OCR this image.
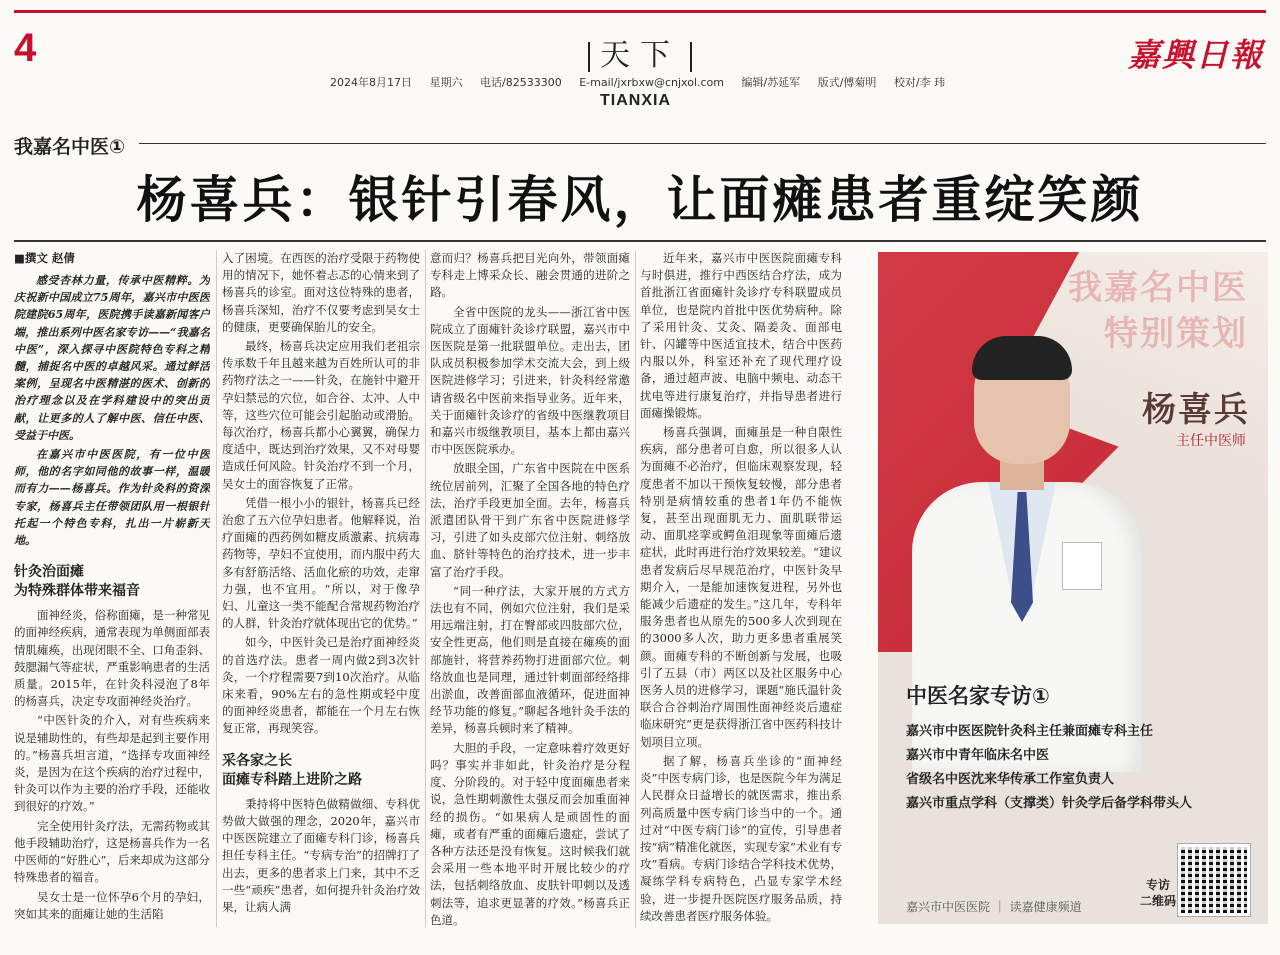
4	天下	嘉興日報
2024年8月17日 星期六 电话/82533300 E-mail/jxrbxw@cnjxol.com 编辑/苏延军 版式/傅菊明 校对/李 玮
TIANXIA
我嘉名中医①
杨喜兵：银针引春风，让面瘫患者重绽笑颜
■撰文 赵倩

感受杏林力量，传承中医精粹。为庆祝新中国成立75周年，嘉兴市中医医院建院65周年，医院携手读嘉新闻客户端，推出系列中医名家专访——“我嘉名中医”，深入探寻中医院特色专科之精髓，捕捉名中医的卓越风采。通过鲜活案例，呈现名中医精湛的医术、创新的治疗理念以及在学科建设中的突出贡献，让更多的人了解中医、信任中医、受益于中医。

在嘉兴市中医医院，有一位中医师，他的名字如同他的故事一样，温暖而有力——杨喜兵。作为针灸科的资深专家，杨喜兵主任带领团队用一根银针托起一个特色专科，扎出一片崭新天地。

针灸治面瘫
为特殊群体带来福音

面神经炎，俗称面瘫，是一种常见的面神经疾病，通常表现为单侧面部表情肌瘫痪，出现闭眼不全、口角歪斜、鼓腮漏气等症状，严重影响患者的生活质量。2015年，在针灸科浸泡了8年的杨喜兵，决定专攻面神经炎治疗。

“中医针灸的介入，对有些疾病来说是辅助性的，有些却是起到主要作用的。”杨喜兵坦言道，“选择专攻面神经炎，是因为在这个疾病的治疗过程中，针灸可以作为主要的治疗手段，还能收到很好的疗效。”

完全使用针灸疗法，无需药物或其他手段辅助治疗，这是杨喜兵作为一名中医师的“好胜心”，后来却成为这部分特殊患者的福音。

吴女士是一位怀孕6个月的孕妇，突如其来的面瘫让她的生活陷

入了困境。在西医的治疗受限于药物使用的情况下，她怀着忐忑的心情来到了杨喜兵的诊室。面对这位特殊的患者，杨喜兵深知，治疗不仅要考虑到吴女士的健康，更要确保胎儿的安全。

最终，杨喜兵决定应用我们老祖宗传承数千年且越来越为百姓所认可的非药物疗法之一——针灸，在施针中避开孕妇禁忌的穴位，如合谷、太冲、人中等，这些穴位可能会引起胎动或滑胎。每次治疗，杨喜兵都小心翼翼，确保力度适中，既达到治疗效果，又不对母婴造成任何风险。针灸治疗不到一个月，吴女士的面容恢复了正常。

凭借一根小小的银针，杨喜兵已经治愈了五六位孕妇患者。他解释说，治疗面瘫的西药例如糖皮质激素、抗病毒药物等，孕妇不宜使用，而内服中药大多有舒筋活络、活血化瘀的功效，走窜力强，也不宜用。“所以，对于像孕妇、儿童这一类不能配合常规药物治疗的人群，针灸治疗就体现出它的优势。”

如今，中医针灸已是治疗面神经炎的首选疗法。患者一周内做2到3次针灸，一个疗程需要7到10次治疗。从临床来看，90%左右的急性期或轻中度的面神经炎患者，都能在一个月左右恢复正常，再现笑容。

采各家之长
面瘫专科踏上进阶之路

秉持将中医特色做精做细、专科优势做大做强的理念，2020年，嘉兴市中医医院建立了面瘫专科门诊，杨喜兵担任专科主任。“专病专治”的招牌打了出去，更多的患者求上门来，其中不乏一些“顽疾”患者，如何提升针灸治疗效果，让病人满

意而归？杨喜兵把目光向外，带领面瘫专科走上博采众长、融会贯通的进阶之路。

全省中医院的龙头——浙江省中医院成立了面瘫针灸诊疗联盟，嘉兴市中医医院是第一批联盟单位。走出去，团队成员积极参加学术交流大会，到上级医院进修学习；引进来，针灸科经常邀请省级名中医前来指导业务。近年来，关于面瘫针灸诊疗的省级中医继教项目和嘉兴市级继教项目，基本上都由嘉兴市中医医院承办。

放眼全国，广东省中医院在中医系统位居前列，汇聚了全国各地的特色疗法，治疗手段更加全面。去年，杨喜兵派遣团队骨干到广东省中医院进修学习，引进了如头皮部穴位注射、刺络放血、脐针等特色的治疗技术，进一步丰富了治疗手段。

“同一种疗法，大家开展的方式方法也有不同，例如穴位注射，我们是采用远端注射，打在臀部或四肢部穴位，安全性更高，他们则是直接在瘫痪的面部施针，将营养药物打进面部穴位。刺络放血也是同理，通过针刺面部经络排出淤血，改善面部血液循环，促进面神经节功能的修复。”聊起各地针灸手法的差异，杨喜兵顿时来了精神。

大胆的手段，一定意味着疗效更好吗？事实并非如此，针灸治疗是分程度、分阶段的。对于轻中度面瘫患者来说，急性期刺激性太强反而会加重面神经的损伤。“如果病人是顽固性的面瘫，或者有严重的面瘫后遗症，尝试了各种方法还是没有恢复。这时候我们就会采用一些本地平时开展比较少的疗法，包括刺络放血、皮肤针叩刺以及透刺法等，追求更显著的疗效。”杨喜兵正色道。

近年来，嘉兴市中医医院面瘫专科与时俱进，推行中西医结合疗法，成为首批浙江省面瘫针灸诊疗专科联盟成员单位，也是院内首批中医优势病种。除了采用针灸、艾灸、隔姜灸、面部电针、闪罐等中医适宜技术，结合中医药内服以外，科室还补充了现代理疗设备，通过超声波、电脑中频电、动态干扰电等进行康复治疗，并指导患者进行面瘫操锻炼。

杨喜兵强调，面瘫虽是一种自限性疾病，部分患者可自愈，所以很多人认为面瘫不必治疗，但临床观察发现，轻度患者不加以干预恢复较慢，部分患者特别是病情较重的患者1年仍不能恢复，甚至出现面肌无力、面肌联带运动、面肌痉挛或鳄鱼泪现象等面瘫后遗症状，此时再进行治疗效果较差。“建议患者发病后尽早规范治疗，中医针灸早期介入，一是能加速恢复进程，另外也能减少后遗症的发生。”这几年，专科年服务患者也从原先的500多人次到现在的3000多人次，助力更多患者重展笑颜。面瘫专科的不断创新与发展，也吸引了五县（市）两区以及社区服务中心医务人员的进修学习，课题“施氏温针灸联合合谷刺治疗周围性面神经炎后遗症临床研究”更是获得浙江省中医药科技计划项目立项。

据了解，杨喜兵坐诊的“面神经炎”中医专病门诊，也是医院今年为满足人民群众日益增长的就医需求，推出系列高质量中医专病门诊当中的一个。通过对“中医专病门诊”的宣传，引导患者按“病”精准化就医，实现专家“术业有专攻”看病。专病门诊结合学科技术优势，凝练学科专病特色，凸显专家学术经验，进一步提升医院医疗服务品质，持续改善患者医疗服务体验。

我嘉名中医
特别策划
杨喜兵
主任中医师
中医名家专访①
嘉兴市中医医院针灸科主任兼面瘫专科主任
嘉兴市中青年临床名中医
省级名中医沈来华传承工作室负责人
嘉兴市重点学科（支撑类）针灸学后备学科带头人
嘉兴市中医医院 ｜ 读嘉健康频道
专访
二维码
